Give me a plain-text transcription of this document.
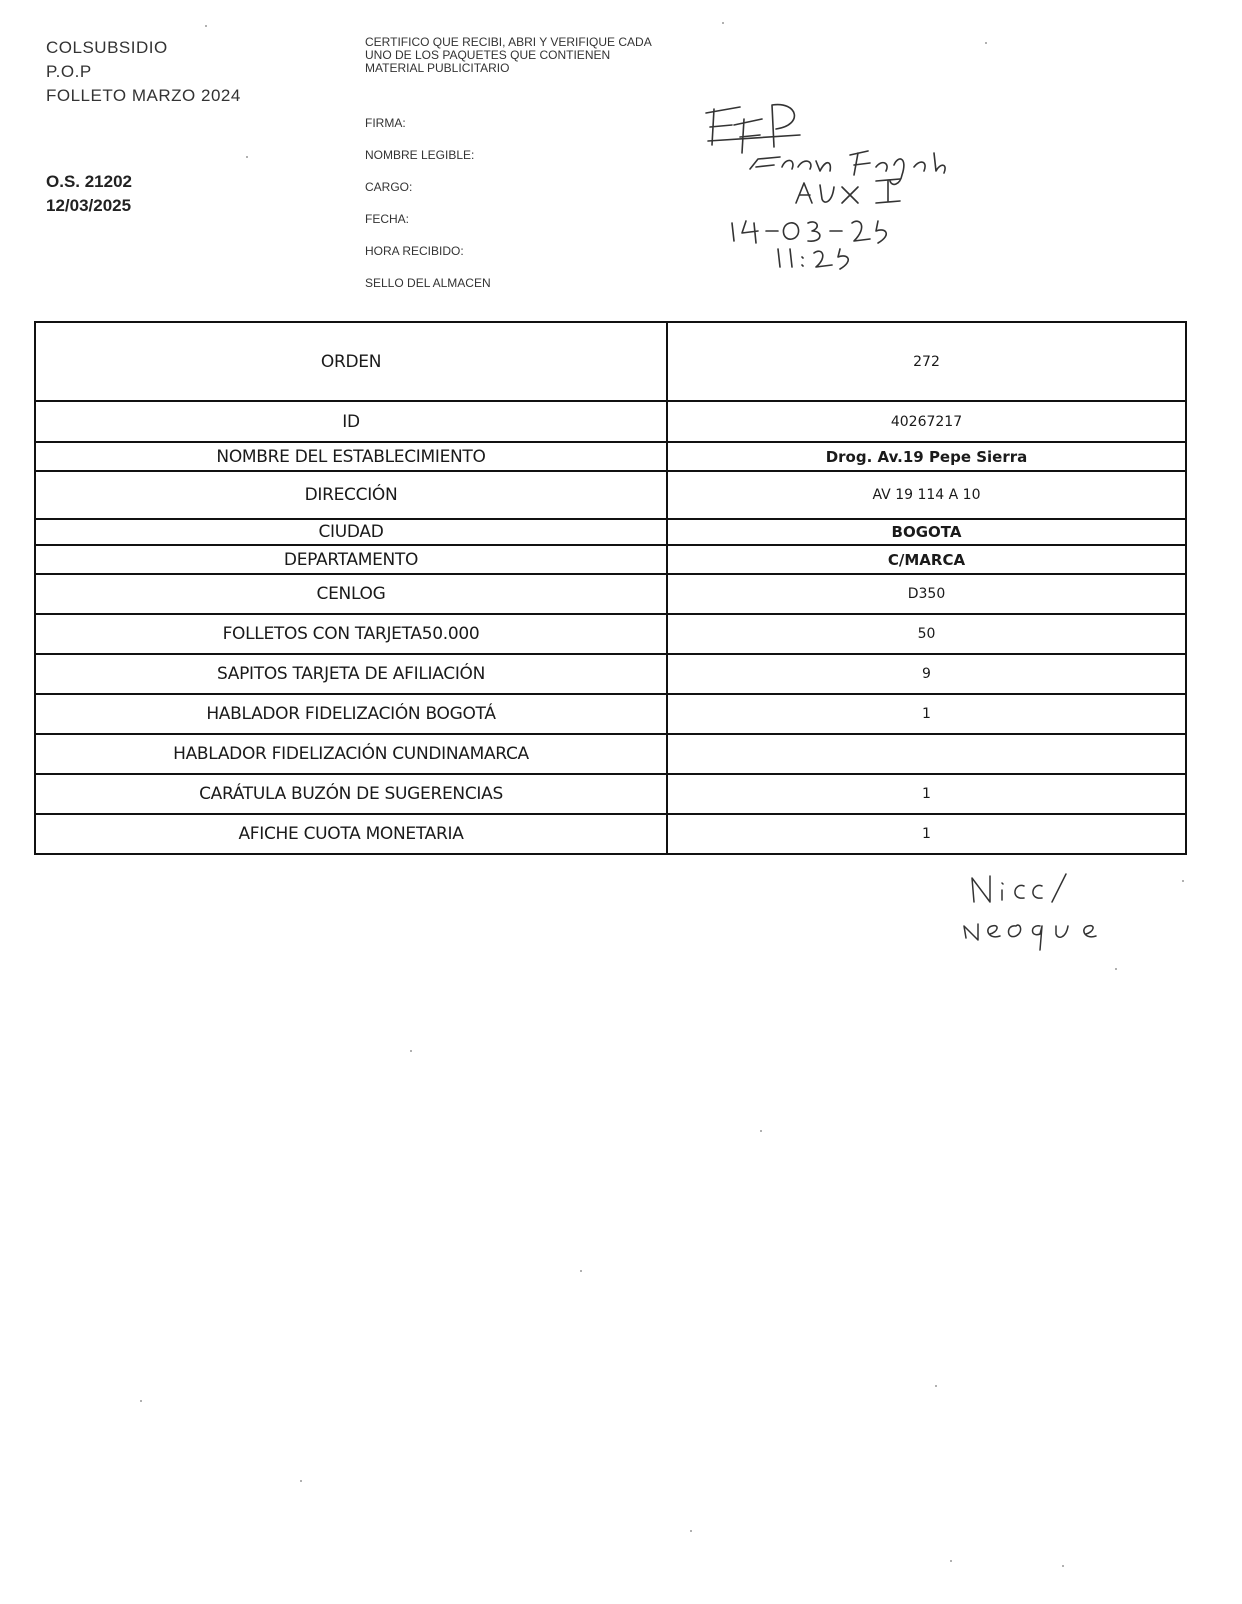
COLSUBSIDIO
P.O.P
FOLLETO MARZO 2024
O.S. 21202
12/03/2025
CERTIFICO QUE RECIBI, ABRI Y VERIFIQUE CADA UNO DE LOS PAQUETES QUE CONTIENEN MATERIAL PUBLICITARIO
FIRMA:
NOMBRE LEGIBLE:
CARGO:
FECHA:
HORA RECIBIDO:
SELLO DEL ALMACEN
ORDEN	272
ID	40267217
NOMBRE DEL ESTABLECIMIENTO	Drog. Av.19 Pepe Sierra
DIRECCIÓN	AV 19 114 A 10
CIUDAD	BOGOTA
DEPARTAMENTO	C/MARCA
CENLOG	D350
FOLLETOS CON TARJETA50.000	50
SAPITOS TARJETA DE AFILIACIÓN	9
HABLADOR FIDELIZACIÓN BOGOTÁ	1
HABLADOR FIDELIZACIÓN CUNDINAMARCA	
CARÁTULA BUZÓN DE SUGERENCIAS	1
AFICHE CUOTA MONETARIA	1
